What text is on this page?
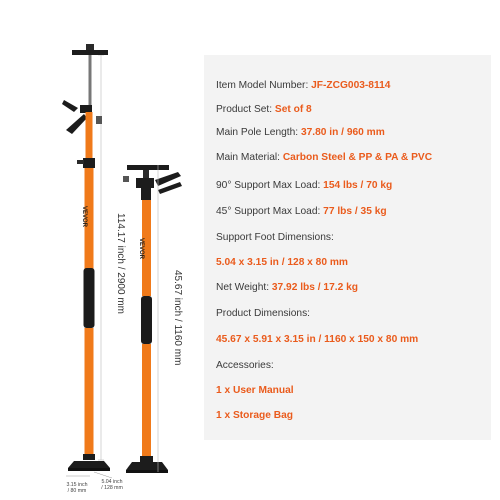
VEVOR
VEVOR
114.17 inch / 2900 mm
45.67 inch / 1160 mm
3.15 inch
/ 80 mm
5.04 inch
/ 128 mm
Item Model Number: JF-ZCG003-8114
Product Set: Set of 8
Main Pole Length: 37.80 in / 960 mm
Main Material: Carbon Steel & PP & PA & PVC
90° Support Max Load: 154 lbs / 70 kg
45° Support Max Load: 77 lbs / 35 kg
Support Foot Dimensions:
5.04 x 3.15 in / 128 x 80 mm
Net Weight: 37.92 lbs / 17.2 kg
Product Dimensions:
45.67 x 5.91 x 3.15 in / 1160 x 150 x 80 mm
Accessories:
1 x User Manual
1 x Storage Bag
